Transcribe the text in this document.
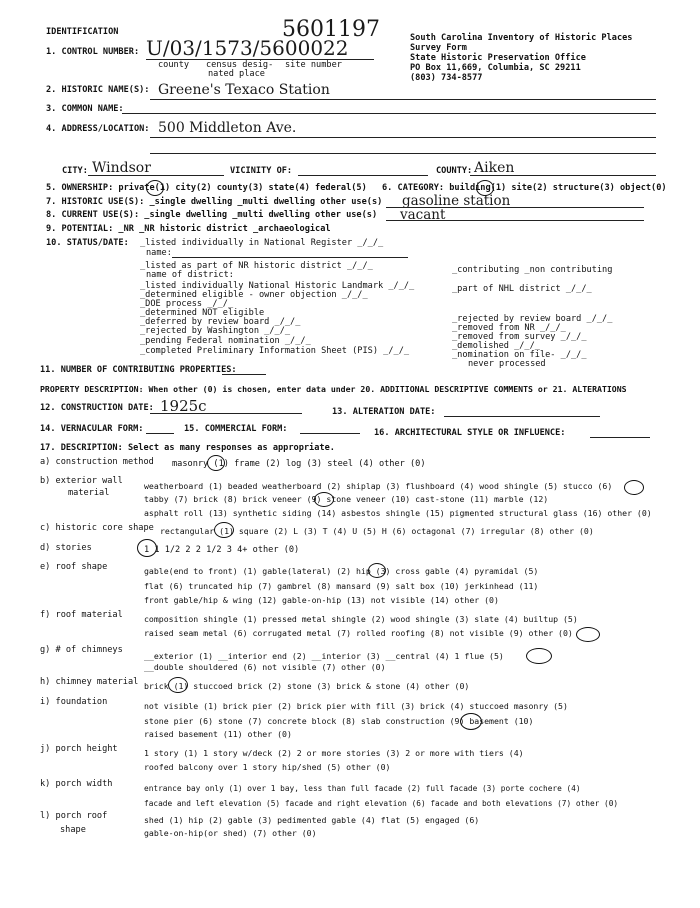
IDENTIFICATION	5601197	South Carolina Inventory of Historic Places
Survey Form
State Historic Preservation Office
PO Box 11,669, Columbia, SC 29211
(803) 734-8577
1. CONTROL NUMBER: U/03/1573/5600022
county census desig-
nated place
site number
2. HISTORIC NAME(S): Greene's Texaco Station
3. COMMON NAME:
4. ADDRESS/LOCATION: 500 Middleton Ave.
CITY: Windsor	VICINITY OF:	COUNTY: Aiken
5. OWNERSHIP: private(1) city(2) county(3) state(4) federal(5) 6. CATEGORY: building(1) site(2) structure(3) object(0)
7. HISTORIC USE(S): _single dwelling _multi dwelling other use(s) gasoline station
8. CURRENT USE(S): _single dwelling _multi dwelling other use(s) vacant
9. POTENTIAL: _NR _NR historic district _archaeological
10. STATUS/DATE: _listed individually in National Register _/_/_
name:
_listed as part of NR historic district _/_/_
name of district:
_listed individually National Historic Landmark _/_/_
_determined eligible - owner objection _/_/_
_DOE process _/_/_
_determined NOT eligible
_deferred by review board _/_/_
_rejected by Washington _/_/_
_pending Federal nomination _/_/_
_completed Preliminary Information Sheet (PIS) _/_/_
_contributing _non contributing
_part of NHL district _/_/_
_rejected by review board _/_/_
_removed from NR _/_/_
_removed from survey _/_/_
_demolished _/_/_
_nomination on file- _/_/_
never processed
11. NUMBER OF CONTRIBUTING PROPERTIES:
PROPERTY DESCRIPTION: When other (0) is chosen, enter data under 20. ADDITIONAL DESCRIPTIVE COMMENTS or 21. ALTERATIONS
12. CONSTRUCTION DATE: 1925c	13. ALTERATION DATE:
14. VERNACULAR FORM:	15. COMMERCIAL FORM:	16. ARCHITECTURAL STYLE OR INFLUENCE:
17. DESCRIPTION: Select as many responses as appropriate.
a) construction method masonry (1) frame (2) log (3) steel (4) other (0)
b) exterior wall
material
weatherboard (1) beaded weatherboard (2) shiplap (3) flushboard (4) wood shingle (5) stucco (6)
tabby (7) brick (8) brick veneer (9) stone veneer (10) cast-stone (11) marble (12)
asphalt roll (13) synthetic siding (14) asbestos shingle (15) pigmented structural glass (16) other (0)
c) historic core shape rectangular (1) square (2) L (3) T (4) U (5) H (6) octagonal (7) irregular (8) other (0)
d) stories	1 1 1/2 2 2 1/2 3 4+ other (0)
e) roof shape	gable(end to front) (1) gable(lateral) (2) hip (3) cross gable (4) pyramidal (5)
flat (6) truncated hip (7) gambrel (8) mansard (9) salt box (10) jerkinhead (11)
front gable/hip & wing (12) gable-on-hip (13) not visible (14) other (0)
f) roof material	composition shingle (1) pressed metal shingle (2) wood shingle (3) slate (4) builtup (5)
raised seam metal (6) corrugated metal (7) rolled roofing (8) not visible (9) other (0)
g) # of chimneys
__exterior (1) __interior end (2) __interior (3) __central (4) 1 flue (5)
__double shouldered (6) not visible (7) other (0)
h) chimney material brick (1) stuccoed brick (2) stone (3) brick & stone (4) other (0)
i) foundation	not visible (1) brick pier (2) brick pier with fill (3) brick (4) stuccoed masonry (5)
stone pier (6) stone (7) concrete block (8) slab construction (9) basement (10)
raised basement (11) other (0)
j) porch height	1 story (1) 1 story w/deck (2) 2 or more stories (3) 2 or more with tiers (4)
roofed balcony over 1 story hip/shed (5) other (0)
k) porch width	entrance bay only (1) over 1 bay, less than full facade (2) full facade (3) porte cochere (4)
facade and left elevation (5) facade and right elevation (6) facade and both elevations (7) other (0)
l) porch roof
shape
shed (1) hip (2) gable (3) pedimented gable (4) flat (5) engaged (6)
gable-on-hip(or shed) (7) other (0)
